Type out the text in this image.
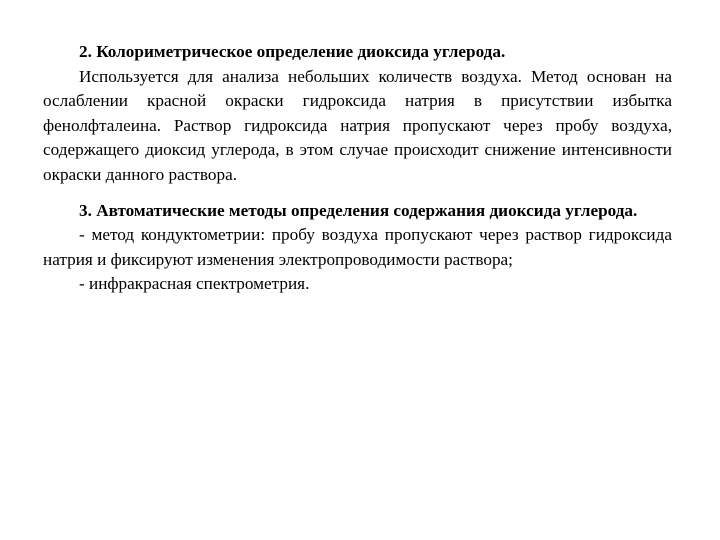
2. Колориметрическое определение диоксида углерода.

Используется для анализа небольших количеств воздуха. Метод основан на ослаблении красной окраски гидроксида натрия в присутствии избытка фенолфталеина. Раствор гидроксида натрия пропускают через пробу воздуха, содержащего диоксид углерода, в этом случае происходит снижение интенсивности окраски данного раствора.

3. Автоматические методы определения содержания диоксида углерода.

- метод кондуктометрии: пробу воздуха пропускают через раствор гидроксида натрия и фиксируют изменения электропроводимости раствора;

- инфракрасная спектрометрия.
